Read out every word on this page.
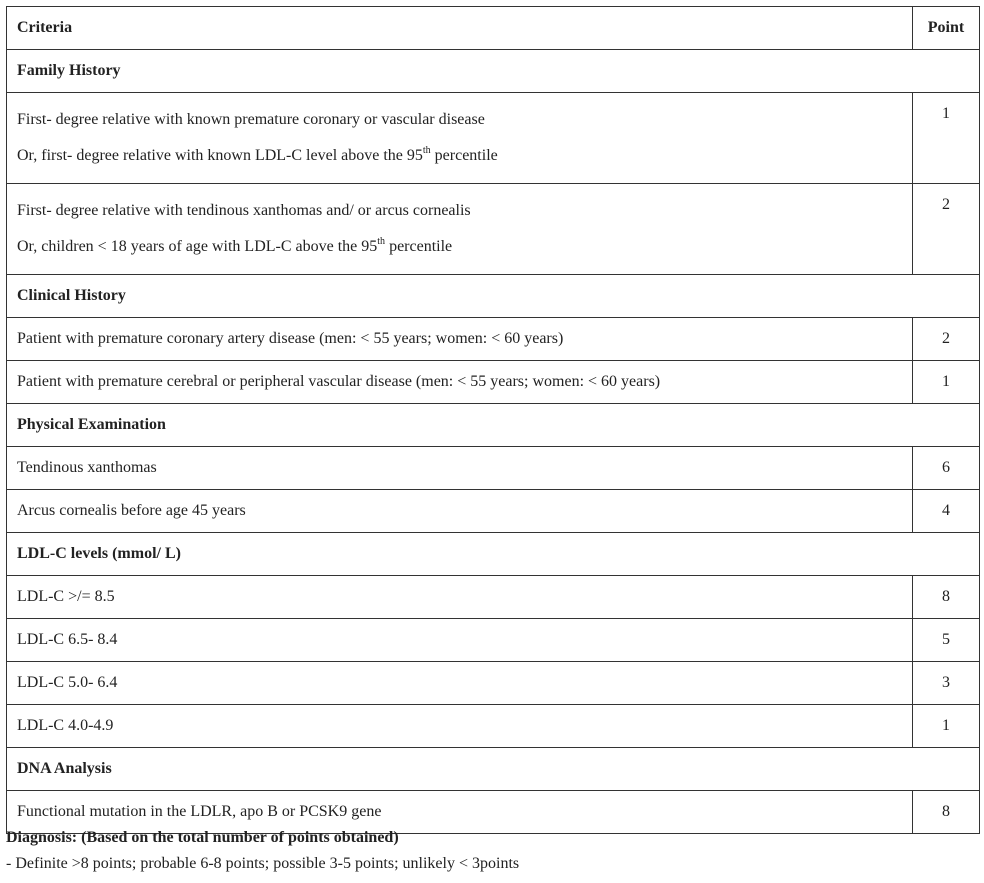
Criteria	Point
Family History	

First- degree relative with known premature coronary or vascular disease
Or, first- degree relative with known LDL-C level above the 95th percentile	1

First- degree relative with tendinous xanthomas and/ or arcus cornealis
Or, children < 18 years of age with LDL-C above the 95th percentile	2
Clinical History	
Patient with premature coronary artery disease (men: < 55 years; women: < 60 years)	2
Patient with premature cerebral or peripheral vascular disease (men: < 55 years; women: < 60 years)	1
Physical Examination	
Tendinous xanthomas	6
Arcus cornealis before age 45 years	4
LDL-C levels (mmol/ L)	
LDL-C >/= 8.5	8
LDL-C 6.5- 8.4	5
LDL-C 5.0- 6.4	3
LDL-C 4.0-4.9	1
DNA Analysis	
Functional mutation in the LDLR, apo B or PCSK9 gene	8
Diagnosis: (Based on the total number of points obtained)
- Definite >8 points; probable 6-8 points; possible 3-5 points; unlikely < 3points
